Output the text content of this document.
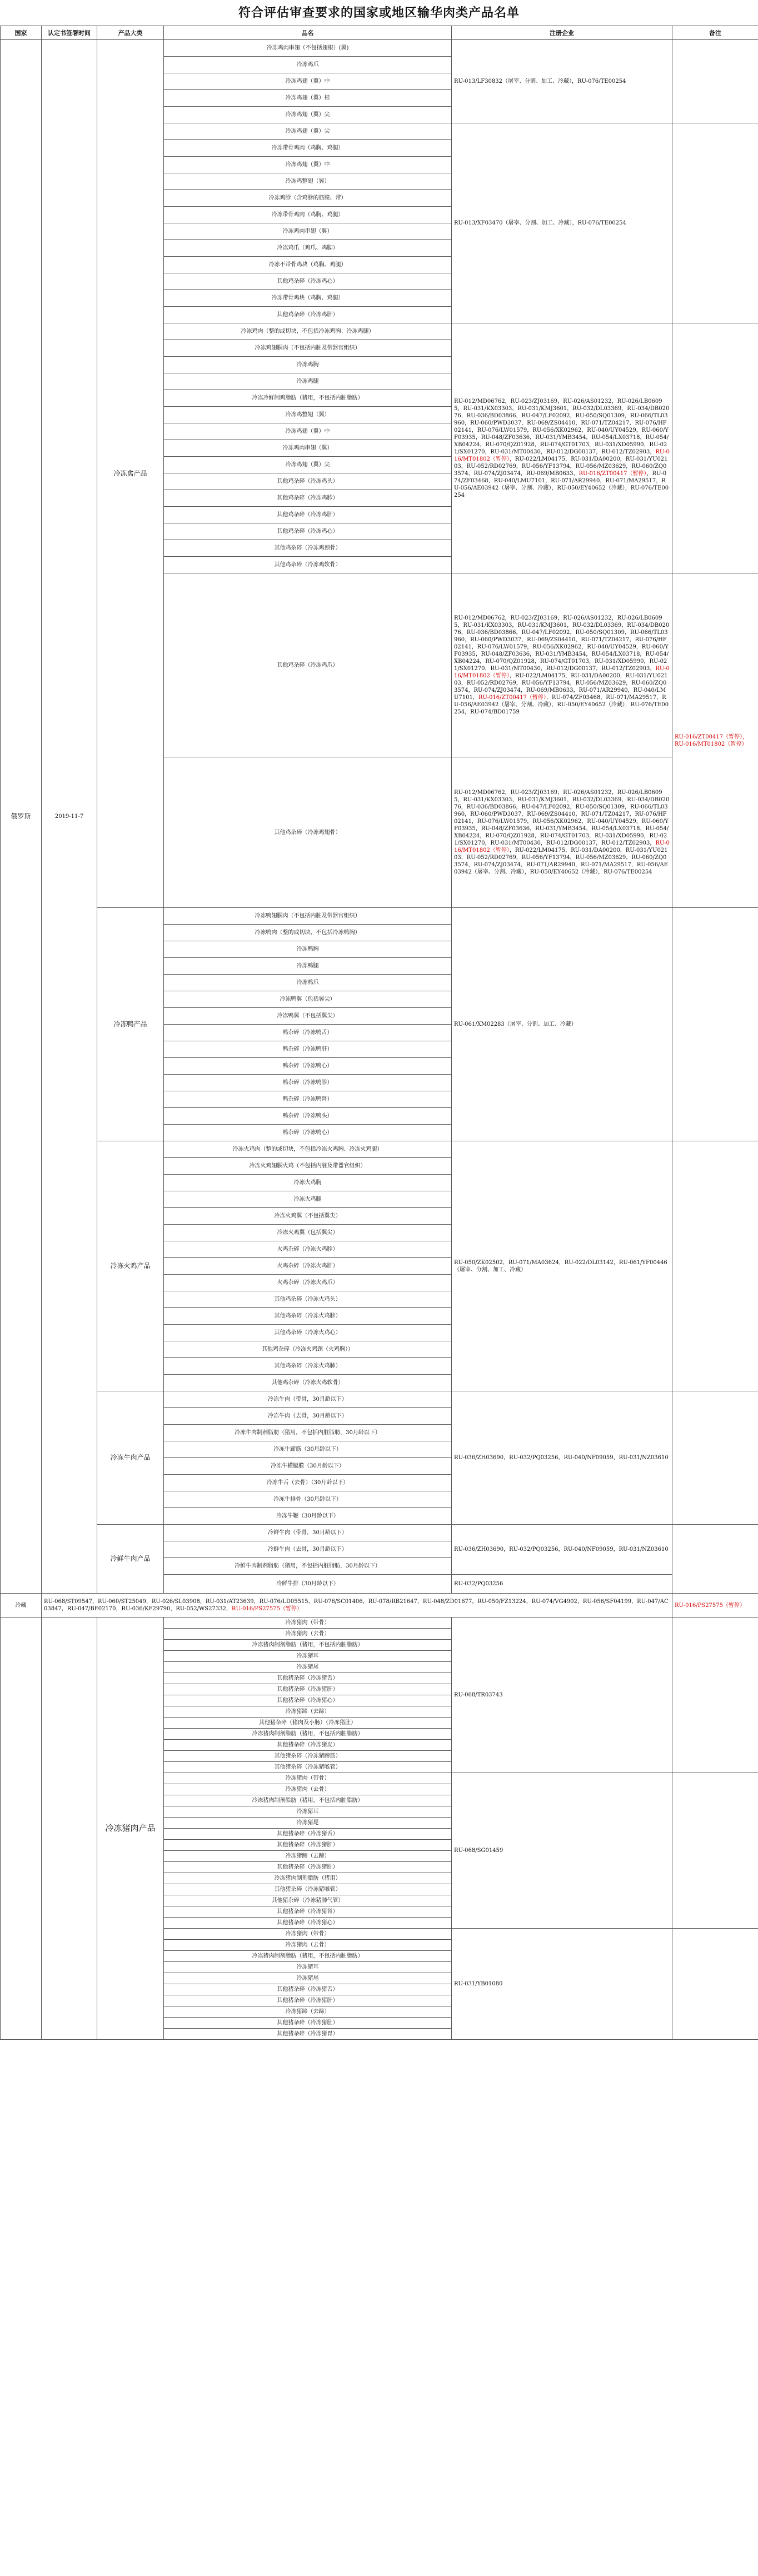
符合评估审查要求的国家或地区输华肉类产品名单
国家	认定书签署时间	产品大类	品名	注册企业	备注
俄罗斯	2019-11-7	冷冻禽产品	冷冻鸡肉串翅（不包括翅根）(翼)	RU-013/LF30832（屠宰、分割、加工、冷藏），RU-076/TE00254	
			冷冻鸡爪		
			冷冻鸡翅（翼）中		
			冷冻鸡翅（翼）根		
			冷冻鸡翅（翼）尖		
			冷冻鸡翅（翼）尖	RU-013/XF03470（屠宰、分割、加工、冷藏），RU-076/TE00254	
			冷冻带骨鸡肉（鸡胸、鸡腿）		
			冷冻鸡翅（翼）中		
			冷冻鸡整翅（翼）		
			冷冻鸡胗（含鸡胗的筋膜、带）		
			冷冻带骨鸡肉（鸡胸、鸡腿）		
			冷冻鸡肉串翅（翼）		
			冷冻鸡爪（鸡爪、鸡脚）		
			冷冻不带骨鸡块（鸡胸、鸡腿）		
			其他鸡杂碎（冷冻鸡心）		
			冷冻带骨鸡块（鸡胸、鸡腿）		
			其他鸡杂碎（冷冻鸡肝）		
			冷冻鸡肉（整的或切块，不包括冷冻鸡胸、冷冻鸡腿）	RU-012/MD06762，RU-023/ZJ03169，RU-026/AS01232，RU-026/LB06095，RU-031/KX03303，RU-031/KMJ3601，RU-032/DL03369，RU-034/DB02076，RU-036/BD03866，RU-047/LF02092，RU-050/SQ01309，RU-066/TL03960，RU-060/PWD3037，RU-069/ZS04410，RU-071/TZ04217，RU-076/HF02141，RU-076/LW01579，RU-056/XK02962，RU-040/UY04529，RU-060/YF03935，RU-048/ZF03636，RU-031/YMB3454，RU-054/LX03718，RU-054/XB04224，RU-070/QZ01928，RU-074/GT01703，RU-031/XD05990，RU-021/SX01270，RU-031/MT00430，RU-012/DG00137，RU-012/TZ02903，RU-016/MT01802（暂停），RU-022/LM04175，RU-031/DA00200，RU-031/YU02103，RU-052/RD02769，RU-056/YF13794，RU-056/MZ03629，RU-060/ZQ03574，RU-074/ZJ03474，RU-069/MB0633，RU-016/ZT00417（暂停），RU-074/ZF03468，RU-040/LMU7101，RU-071/AR29940，RU-071/MA29517，RU-056/AE03942（屠宰、分割、冷藏），RU-050/EY40652（冷藏），RU-076/TE00254	
			冷冻鸡翅胴肉（不包括内脏及带器官组织）		
			冷冻鸡胸		
			冷冻鸡腿		
			冷冻冷鲜制鸡脂肪（猪用，不包括内脏脂肪）		
			冷冻鸡整翅（翼）		
			冷冻鸡翅（翼）中		
			冷冻鸡肉串翅（翼）		
			冷冻鸡翅（翼）尖		
			其他鸡杂碎（冷冻鸡头）		
			其他鸡杂碎（冷冻鸡胗）		
			其他鸡杂碎（冷冻鸡肝）		
			其他鸡杂碎（冷冻鸡心）		
			其他鸡杂碎（冷冻鸡颈骨）		
			其他鸡杂碎（冷冻鸡软骨）		
			其他鸡杂碎（冷冻鸡爪）	RU-012/MD06762，RU-023/ZJ03169，RU-026/AS01232，RU-026/LB06095，RU-031/KX03303，RU-031/KMJ3601，RU-032/DL03369，RU-034/DB02076，RU-036/BD03866，RU-047/LF02092，RU-050/SQ01309，RU-066/TL03960，RU-060/PWD3037，RU-069/ZS04410，RU-071/TZ04217，RU-076/HF02141，RU-076/LW01579，RU-056/XK02962，RU-040/UY04529，RU-060/YF03935，RU-048/ZF03636，RU-031/YMB3454，RU-054/LX03718，RU-054/XB04224，RU-070/QZ01928，RU-074/GT01703，RU-031/XD05990，RU-021/SX01270，RU-031/MT00430，RU-012/DG00137，RU-012/TZ02903，RU-016/MT01802（暂停），RU-022/LM04175，RU-031/DA00200，RU-031/YU02103，RU-052/RD02769，RU-056/YF13794，RU-056/MZ03629，RU-060/ZQ03574，RU-074/ZJ03474，RU-069/MB0633，RU-071/AR29940，RU-040/LMU7101，RU-016/ZT00417（暂停），RU-074/ZF03468，RU-071/MA29517，RU-056/AE03942（屠宰、分割、冷藏），RU-050/EY40652（冷藏），RU-076/TE00254，RU-074/BD01759	RU-016/ZT00417（暂停），RU-016/MT01802（暂停）
			其他鸡杂碎（冷冻鸡翅骨）	RU-012/MD06762，RU-023/ZJ03169，RU-026/AS01232，RU-026/LB06095，RU-031/KX03303，RU-031/KMJ3601，RU-032/DL03369，RU-034/DB02076，RU-036/BD03866，RU-047/LF02092，RU-050/SQ01309，RU-066/TL03960，RU-060/PWD3037，RU-069/ZS04410，RU-071/TZ04217，RU-076/HF02141，RU-076/LW01579，RU-056/XK02962，RU-040/UY04529，RU-060/YF03935，RU-048/ZF03636，RU-031/YMB3454，RU-054/LX03718，RU-054/XB04224，RU-070/QZ01928，RU-074/GT01703，RU-031/XD05990，RU-021/SX01270，RU-031/MT00430，RU-012/DG00137，RU-012/TZ02903，RU-016/MT01802（暂停），RU-022/LM04175，RU-031/DA00200，RU-031/YU02103，RU-052/RD02769，RU-056/YF13794，RU-056/MZ03629，RU-060/ZQ03574，RU-074/ZJ03474，RU-071/AR29940，RU-071/MA29517，RU-056/AE03942（屠宰、分割、冷藏），RU-050/EY40652（冷藏），RU-076/TE00254	
		冷冻鸭产品	冷冻鸭翅胴肉（不包括内脏及带器官组织）	RU-061/XM02283（屠宰、分割、加工、冷藏）	
			冷冻鸭肉（整的或切块，不包括冷冻鸭胸）		
			冷冻鸭胸		
			冷冻鸭腿		
			冷冻鸭爪		
			冷冻鸭翼（包括翼尖）		
			冷冻鸭翼（不包括翼尖）		
			鸭杂碎（冷冻鸭舌）		
			鸭杂碎（冷冻鸭肝）		
			鸭杂碎（冷冻鸭心）		
			鸭杂碎（冷冻鸭胗）		
			鸭杂碎（冷冻鸭肾）		
			鸭杂碎（冷冻鸭头）		
			鸭杂碎（冷冻鸭心）		
		冷冻火鸡产品	冷冻火鸡肉（整的或切块，不包括冷冻火鸡胸、冷冻火鸡腿）	RU-050/ZK02502，RU-071/MA03624，RU-022/DL03142，RU-061/YF00446（屠宰、分割、加工、冷藏）	
			冷冻火鸡翅胴火鸡（不包括内脏及带器官组织）		
			冷冻火鸡胸		
			冷冻火鸡腿		
			冷冻火鸡翼（不包括翼尖）		
			冷冻火鸡翼（包括翼尖）		
			火鸡杂碎（冷冻火鸡胗）		
			火鸡杂碎（冷冻火鸡肝）		
			火鸡杂碎（冷冻火鸡爪）		
			其他鸡杂碎（冷冻火鸡头）		
			其他鸡杂碎（冷冻火鸡胗）		
			其他鸡杂碎（冷冻火鸡心）		
			其他鸡杂碎（冷冻火鸡颈（火鸡胸））		
			其他鸡杂碎（冷冻火鸡肺）		
			其他鸡杂碎（冷冻火鸡软骨）		
		冷冻牛肉产品	冷冻牛肉（带骨，30月龄以下）	RU-036/ZH03690，RU-032/PQ03256，RU-040/NF09059，RU-031/NZ03610	
			冷冻牛肉（去骨，30月龄以下）		
			冷冻牛肉制剂脂肪（猪用，不包括内脏脂肪，30月龄以下）		
			冷冻牛蹄筋（30月龄以下）		
			冷冻牛横膈膜（30月龄以下）		
			冷冻牛舌（去骨）（30月龄以下）		
			冷冻牛排骨（30月龄以下）		
			冷冻牛鞭（30月龄以下）		
		冷鲜牛肉产品	冷鲜牛肉（带骨，30月龄以下）	RU-036/ZH03690，RU-032/PQ03256，RU-040/NF09059，RU-031/NZ03610	
			冷鲜牛肉（去骨，30月龄以下）		
			冷鲜牛肉制剂脂肪（猪用，不包括内脏脂肪，30月龄以下）		
			冷鲜牛排（30月龄以下）	RU-032/PQ03256	
冷藏	RU-068/ST09547，RU-060/ST25049，RU-026/SL03908，RU-031/AT23639，RU-076/LD05515，RU-076/SC01406，RU-078/RB21647，RU-048/ZD01677，RU-050/FZ13224，RU-074/VG4902，RU-056/SF04199，RU-047/AC03847，RU-047/BF02170，RU-036/KF29790，RU-052/WS27332，RU-016/PS27575（暂停）				RU-016/PS27575（暂停）
		冷冻猪肉产品	冷冻猪肉（带骨）	RU-068/TR03743	
			冷冻猪肉（去骨）		
			冷冻猪肉制剂脂肪（猪用，不包括内脏脂肪）		
			冷冻猪耳		
			冷冻猪尾		
			其他猪杂碎（冷冻猪舌）		
			其他猪杂碎（冷冻猪肝）		
			其他猪杂碎（冷冻猪心）		
			冷冻猪蹄（去蹄）		
			其他猪杂碎（猪肉及小肠）（冷冻猪肚）		
			冷冻猪肉制剂脂肪（猪用，不包括内脏脂肪）		
			其他猪杂碎（冷冻猪皮）		
			其他猪杂碎（冷冻猪蹄筋）		
			其他猪杂碎（冷冻猪喉管）		
			冷冻猪肉（带骨）	RU-068/SG01459	
			冷冻猪肉（去骨）		
			冷冻猪肉制剂脂肪（猪用，不包括内脏脂肪）		
			冷冻猪耳		
			冷冻猪尾		
			其他猪杂碎（冷冻猪舌）		
			其他猪杂碎（冷冻猪肝）		
			冷冻猪蹄（去蹄）		
			其他猪杂碎（冷冻猪肚）		
			冷冻猪肉制剂脂肪（猪用）		
			其他猪杂碎（冷冻猪喉管）		
			其他猪杂碎（冷冻猪肺气管）		
			其他猪杂碎（冷冻猪肾）		
			其他猪杂碎（冷冻猪心）		
			冷冻猪肉（带骨）	RU-031/YB01080	
			冷冻猪肉（去骨）		
			冷冻猪肉制剂脂肪（猪用，不包括内脏脂肪）		
			冷冻猪耳		
			冷冻猪尾		
			其他猪杂碎（冷冻猪舌）		
			其他猪杂碎（冷冻猪肝）		
			冷冻猪蹄（去蹄）		
			其他猪杂碎（冷冻猪肚）		
			其他猪杂碎（冷冻猪胃）		
